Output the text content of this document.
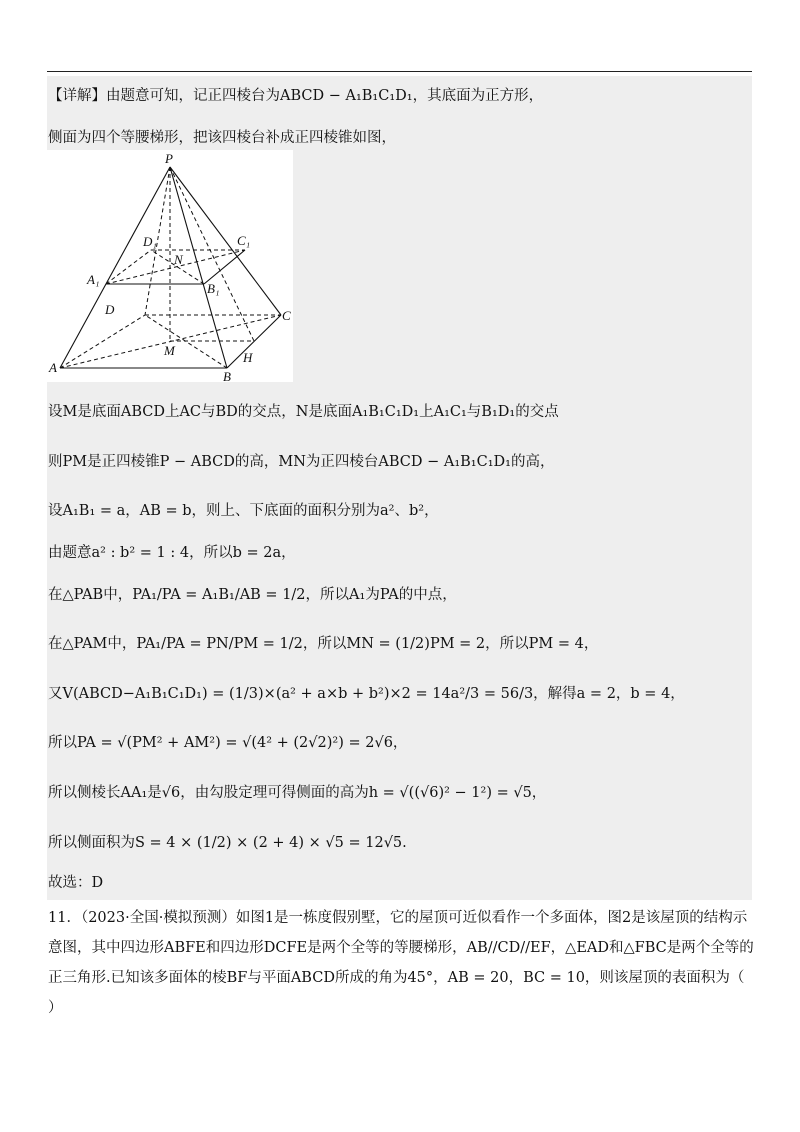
【详解】由题意可知，记正四棱台为ABCD − A₁B₁C₁D₁，其底面为正方形，
侧面为四个等腰梯形，把该四棱台补成正四棱锥如图，
P
D₁	C₁
N
A₁
B₁
D	C
M
A
B
H
设M是底面ABCD上AC与BD的交点，N是底面A₁B₁C₁D₁上A₁C₁与B₁D₁的交点
则PM是正四棱锥P − ABCD的高，MN为正四棱台ABCD − A₁B₁C₁D₁的高，
设A₁B₁ = a，AB = b，则上、下底面的面积分别为a²、b²，
由题意a² : b² = 1 : 4，所以b = 2a，
在△PAB中，PA₁/PA = A₁B₁/AB = 1/2，所以A₁为PA的中点，
在△PAM中，PA₁/PA = PN/PM = 1/2，所以MN = (1/2)PM = 2，所以PM = 4，
又V(ABCD−A₁B₁C₁D₁) = (1/3)×(a² + a×b + b²)×2 = 14a²/3 = 56/3，解得a = 2，b = 4，
所以PA = √(PM² + AM²) = √(4² + (2√2)²) = 2√6，
所以侧棱长AA₁是√6，由勾股定理可得侧面的高为h = √((√6)² − 1²) = √5，
所以侧面积为S = 4 × (1/2) × (2 + 4) × √5 = 12√5.
故选：D
11．（2023·全国·模拟预测）如图1是一栋度假别墅，它的屋顶可近似看作一个多面体，图2是该屋顶的结构示意图，其中四边形ABFE和四边形DCFE是两个全等的等腰梯形，AB//CD//EF，△EAD和△FBC是两个全等的正三角形.已知该多面体的棱BF与平面ABCD所成的角为45°，AB = 20，BC = 10，则该屋顶的表面积为（ ）
